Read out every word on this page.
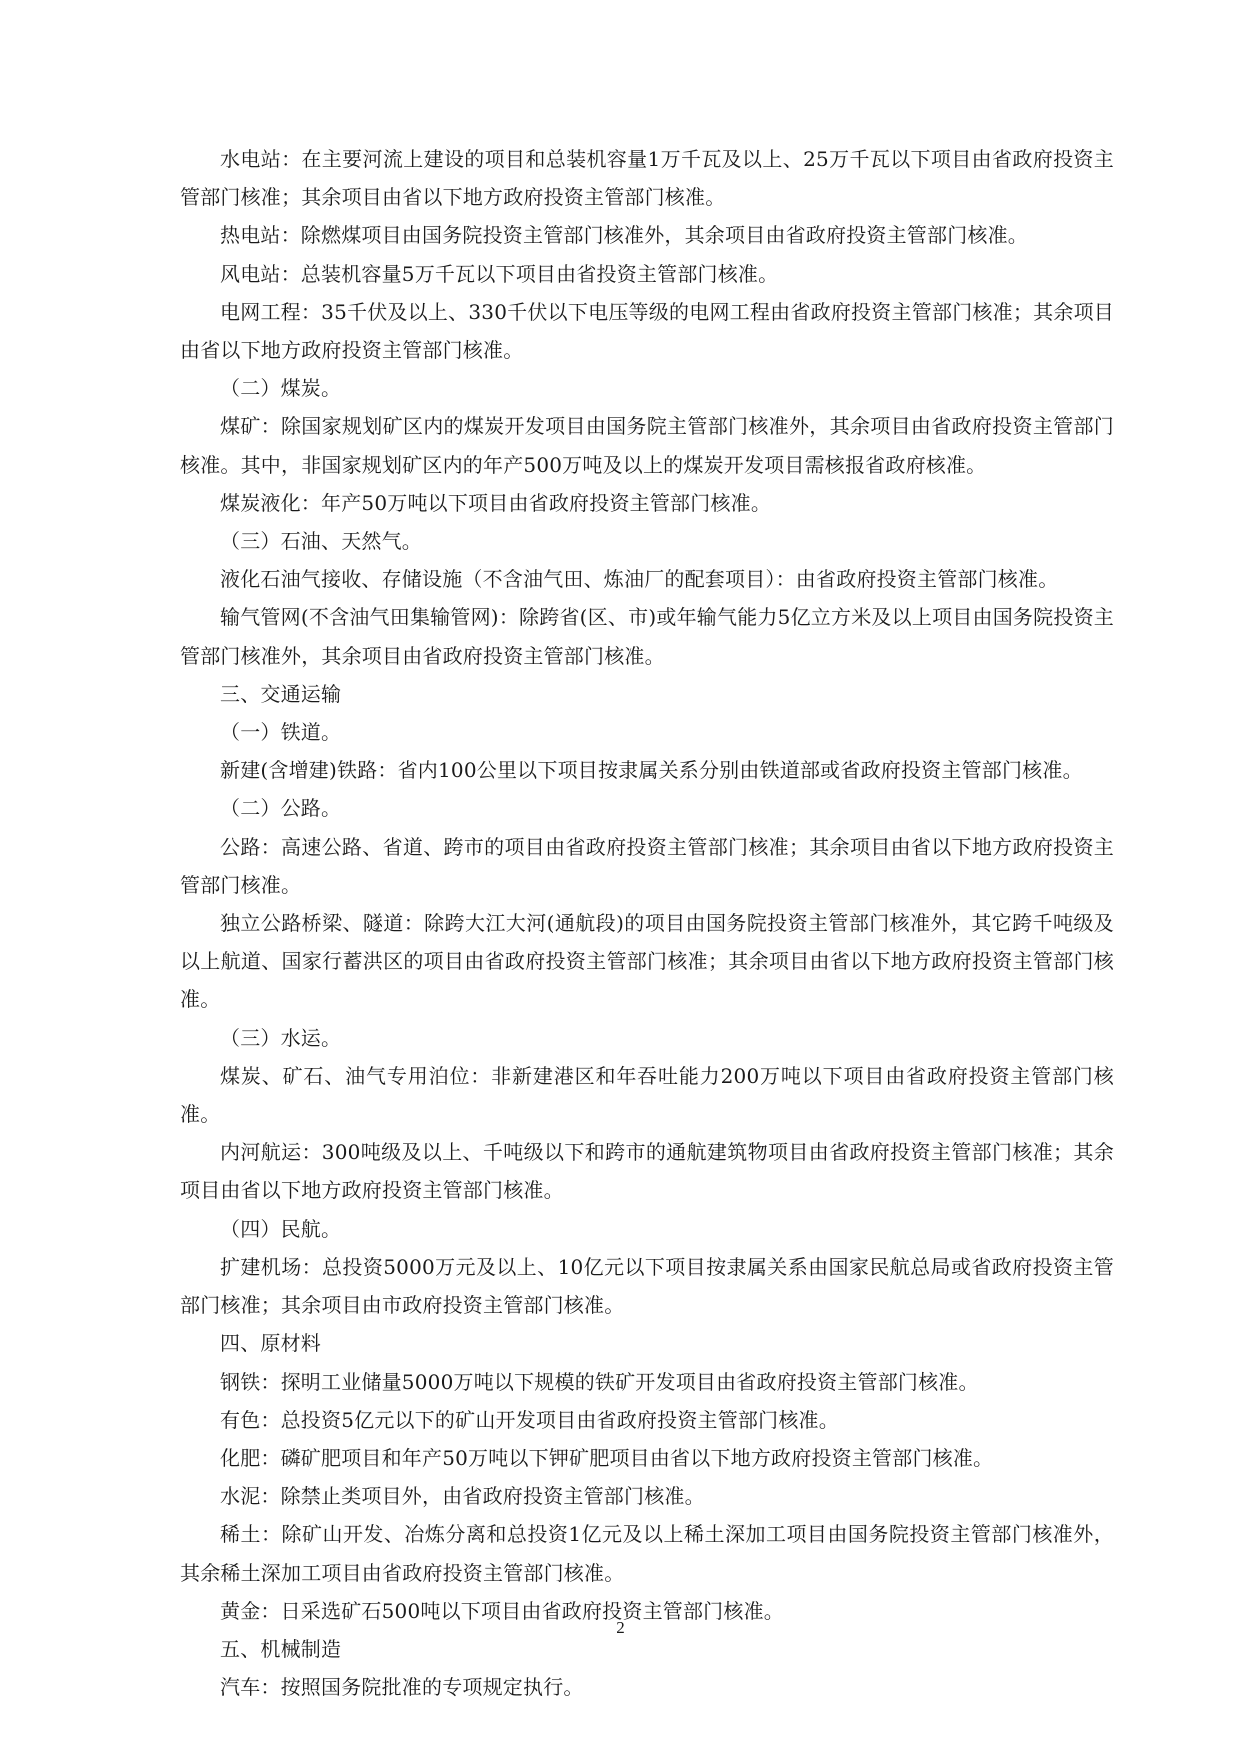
水电站：在主要河流上建设的项目和总装机容量1万千瓦及以上、25万千瓦以下项目由省政府投资主管部门核准；其余项目由省以下地方政府投资主管部门核准。

热电站：除燃煤项目由国务院投资主管部门核准外，其余项目由省政府投资主管部门核准。

风电站：总装机容量5万千瓦以下项目由省投资主管部门核准。

电网工程：35千伏及以上、330千伏以下电压等级的电网工程由省政府投资主管部门核准；其余项目由省以下地方政府投资主管部门核准。

（二）煤炭。

煤矿：除国家规划矿区内的煤炭开发项目由国务院主管部门核准外，其余项目由省政府投资主管部门核准。其中，非国家规划矿区内的年产500万吨及以上的煤炭开发项目需核报省政府核准。

煤炭液化：年产50万吨以下项目由省政府投资主管部门核准。

（三）石油、天然气。

液化石油气接收、存储设施（不含油气田、炼油厂的配套项目）：由省政府投资主管部门核准。

输气管网(不含油气田集输管网)：除跨省(区、市)或年输气能力5亿立方米及以上项目由国务院投资主管部门核准外，其余项目由省政府投资主管部门核准。

三、交通运输

（一）铁道。

新建(含增建)铁路：省内100公里以下项目按隶属关系分别由铁道部或省政府投资主管部门核准。

（二）公路。

公路：高速公路、省道、跨市的项目由省政府投资主管部门核准；其余项目由省以下地方政府投资主管部门核准。

独立公路桥梁、隧道：除跨大江大河(通航段)的项目由国务院投资主管部门核准外，其它跨千吨级及以上航道、国家行蓄洪区的项目由省政府投资主管部门核准；其余项目由省以下地方政府投资主管部门核准。

（三）水运。

煤炭、矿石、油气专用泊位：非新建港区和年吞吐能力200万吨以下项目由省政府投资主管部门核准。

内河航运：300吨级及以上、千吨级以下和跨市的通航建筑物项目由省政府投资主管部门核准；其余项目由省以下地方政府投资主管部门核准。

（四）民航。

扩建机场：总投资5000万元及以上、10亿元以下项目按隶属关系由国家民航总局或省政府投资主管部门核准；其余项目由市政府投资主管部门核准。

四、原材料

钢铁：探明工业储量5000万吨以下规模的铁矿开发项目由省政府投资主管部门核准。

有色：总投资5亿元以下的矿山开发项目由省政府投资主管部门核准。

化肥：磷矿肥项目和年产50万吨以下钾矿肥项目由省以下地方政府投资主管部门核准。

水泥：除禁止类项目外，由省政府投资主管部门核准。

稀土：除矿山开发、冶炼分离和总投资1亿元及以上稀土深加工项目由国务院投资主管部门核准外，其余稀土深加工项目由省政府投资主管部门核准。

黄金：日采选矿石500吨以下项目由省政府投资主管部门核准。

五、机械制造

汽车：按照国务院批准的专项规定执行。

2
